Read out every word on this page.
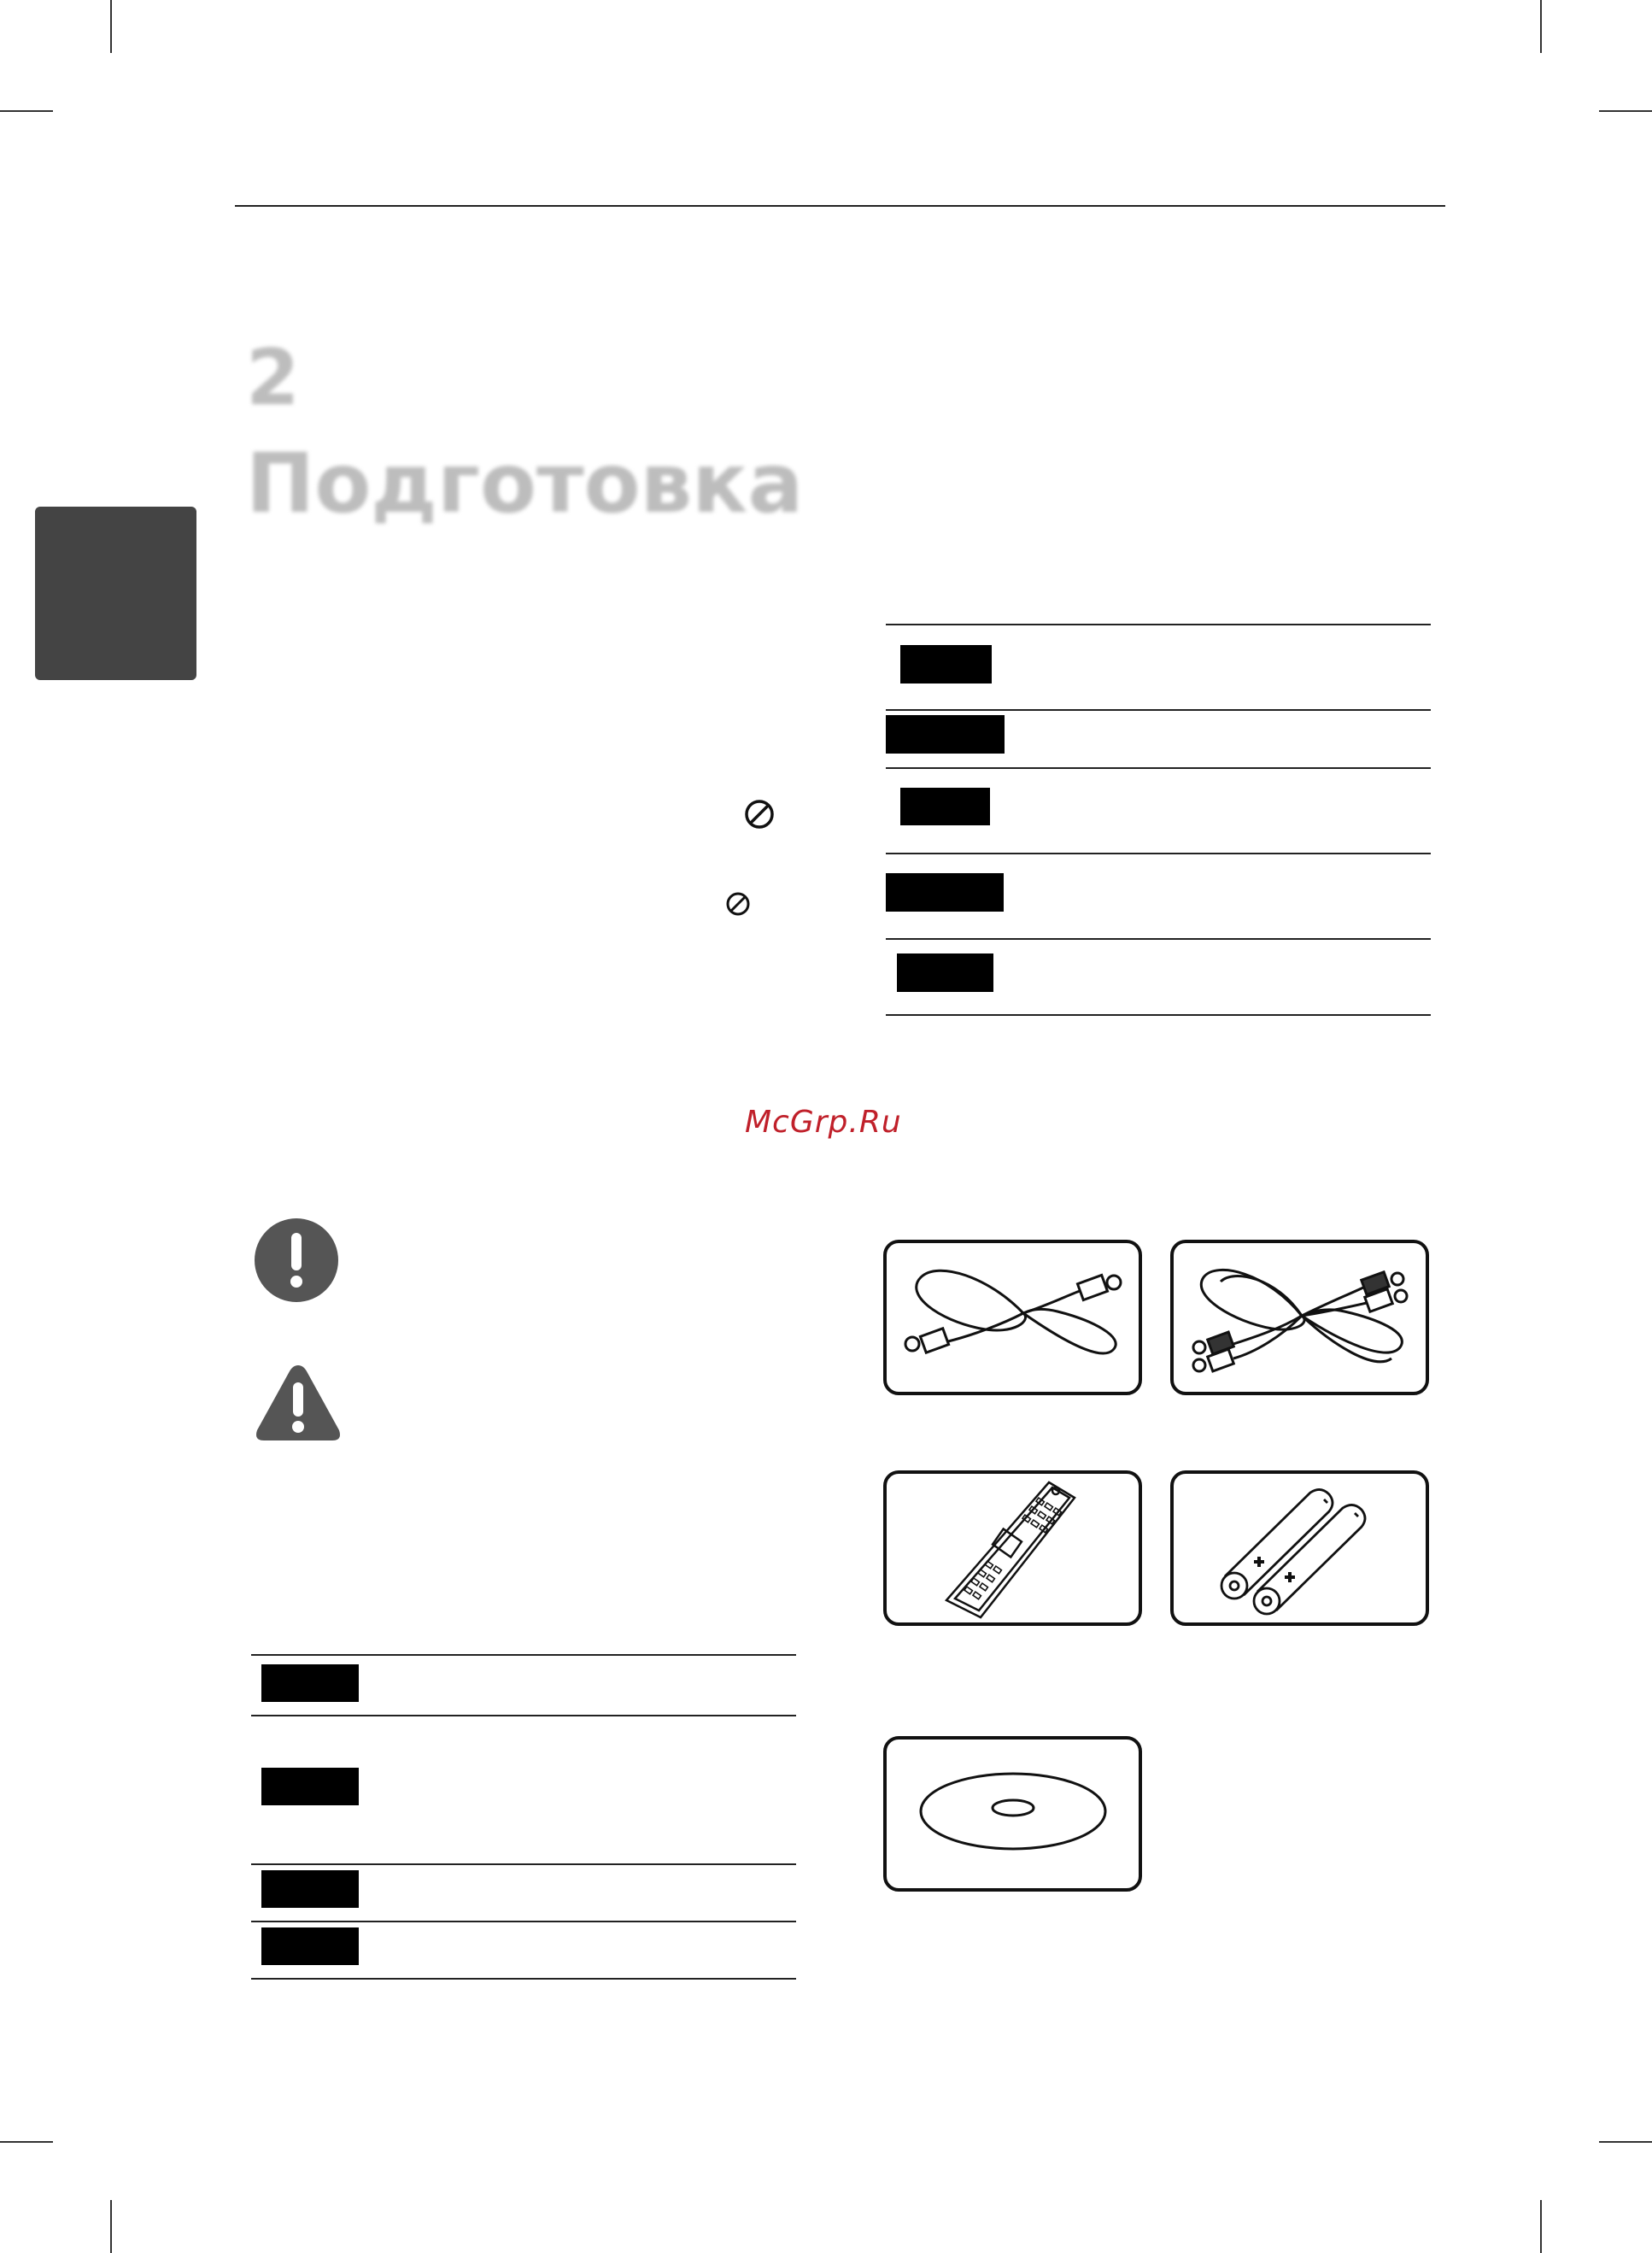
2
Подготовка
McGrp.Ru
